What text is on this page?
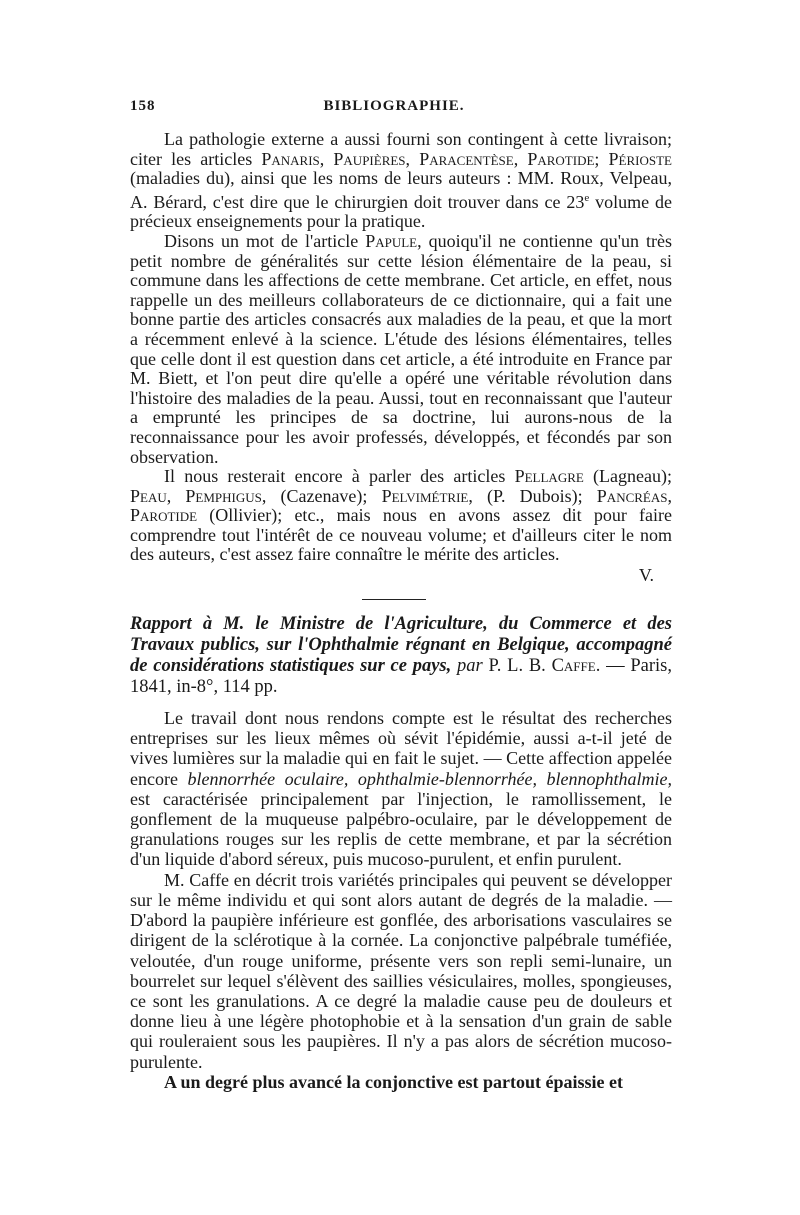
158	BIBLIOGRAPHIE.

La pathologie externe a aussi fourni son contingent à cette livraison; citer les articles Panaris, Paupières, Paracentèse, Parotide; Périoste (maladies du), ainsi que les noms de leurs auteurs : MM. Roux, Velpeau, A. Bérard, c'est dire que le chirurgien doit trouver dans ce 23e volume de précieux enseignements pour la pratique.

Disons un mot de l'article Papule, quoiqu'il ne contienne qu'un très petit nombre de généralités sur cette lésion élémentaire de la peau, si commune dans les affections de cette membrane. Cet article, en effet, nous rappelle un des meilleurs collaborateurs de ce dictionnaire, qui a fait une bonne partie des articles consacrés aux maladies de la peau, et que la mort a récemment enlevé à la science. L'étude des lésions élémentaires, telles que celle dont il est question dans cet article, a été introduite en France par M. Biett, et l'on peut dire qu'elle a opéré une véritable révolution dans l'histoire des maladies de la peau. Aussi, tout en reconnaissant que l'auteur a emprunté les principes de sa doctrine, lui aurons-nous de la reconnaissance pour les avoir professés, développés, et fécondés par son observation.

Il nous resterait encore à parler des articles Pellagre (Lagneau); Peau, Pemphigus, (Cazenave); Pelvimétrie, (P. Dubois); Pancréas, Parotide (Ollivier); etc., mais nous en avons assez dit pour faire comprendre tout l'intérêt de ce nouveau volume; et d'ailleurs citer le nom des auteurs, c'est assez faire connaître le mérite des articles.

V.

Rapport à M. le Ministre de l'Agriculture, du Commerce et des Travaux publics, sur l'Ophthalmie régnant en Belgique, accompagné de considérations statistiques sur ce pays, par P. L. B. Caffe. — Paris, 1841, in-8°, 114 pp.

Le travail dont nous rendons compte est le résultat des recherches entreprises sur les lieux mêmes où sévit l'épidémie, aussi a-t-il jeté de vives lumières sur la maladie qui en fait le sujet. — Cette affection appelée encore blennorrhée oculaire, ophthalmie-blennorrhée, blennophthalmie, est caractérisée principalement par l'injection, le ramollissement, le gonflement de la muqueuse palpébro-oculaire, par le développement de granulations rouges sur les replis de cette membrane, et par la sécrétion d'un liquide d'abord séreux, puis mucoso-purulent, et enfin purulent.

M. Caffe en décrit trois variétés principales qui peuvent se développer sur le même individu et qui sont alors autant de degrés de la maladie. — D'abord la paupière inférieure est gonflée, des arborisations vasculaires se dirigent de la sclérotique à la cornée. La conjonctive palpébrale tuméfiée, veloutée, d'un rouge uniforme, présente vers son repli semi-lunaire, un bourrelet sur lequel s'élèvent des saillies vésiculaires, molles, spongieuses, ce sont les granulations. A ce degré la maladie cause peu de douleurs et donne lieu à une légère photophobie et à la sensation d'un grain de sable qui rouleraient sous les paupières. Il n'y a pas alors de sécrétion mucoso-purulente.

A un degré plus avancé la conjonctive est partout épaissie et
